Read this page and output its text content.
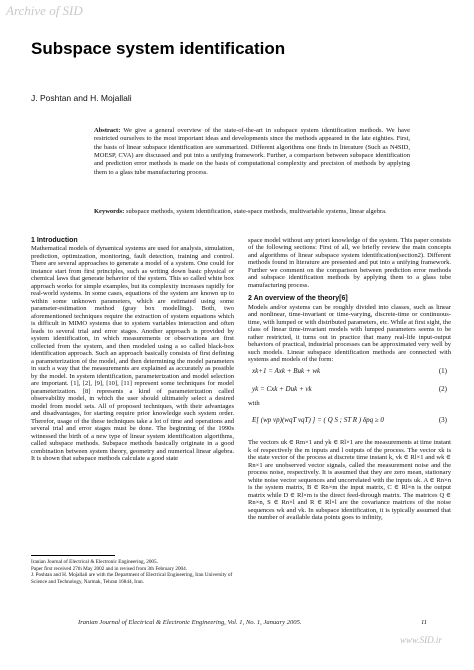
Archive of SID
Subspace system identification
J. Poshtan and H. Mojallali
Abstract: We give a general overview of the state-of-the-art in subspace system identification methods. We have restricted ourselves to the most important ideas and developments since the methods appeared in the late eighties. First, the basis of linear subspace identification are summarized. Different algorithms one finds in literature (Such as N4SID, MOESP, CVA) are discussed and put into a unifying framework. Further, a comparison between subspace identification and prediction error methods is made on the basis of computational complexity and precision of methods by applying them to a glass tube manufacturing process.
Keywords: subspace methods, system identification, state-space methods, multivariable systems, linear algebra.
1 Introduction

Mathematical models of dynamical systems are used for analysis, simulation, prediction, optimization, monitoring, fault detection, training and control. There are several approaches to generate a model of a system. One could for instance start from first principles, such as writing down basic physical or chemical laws that generate behavior of the system. This so called white box approach works for simple examples, but its complexity increases rapidly for real-world systems. In some cases, equations of the system are known up to within some unknown parameters, which are estimated using some parameter-estimation method (gray box modelling). Both, two aforementioned techniques require the extraction of system equations which is difficult in MIMO systems due to system variables interaction and often leads to several trial and error stages. Another approach is provided by system identification, in which measurements or observations are first collected from the system, and then modeled using a so called black-box identification approach. Such an approach basically consists of first defining a parameterization of the model, and then determining the model parameters in such a way that the measurements are explained as accurately as possible by the model. In system identification, parameterization and model selection are important. [1], [2], [9], [10], [11] represent some techniques for model parameterization. [8] represents a kind of parameterization called observability model, in which the user should ultimately select a desired model from model sets. All of proposed techniques, with their advantages and disadvantages, for starting require prior knowledge such system order. Therefor, usage of the these techniques take a lot of time and operations and several trial and error stages must be done. The beginning of the 1990s witnessed the birth of a new type of linear system identification algorithms, called subspace methods. Subspace methods basically originate in a good combination between system theory, geometry and numerical linear algebra. It is shown that subspace methods calculate a good state

Iranian Journal of Electrical & Electronic Engineering, 2005.
Paper first received 27th May 2002 and in revised from 3th February 2004.
J. Poshtan and H. Mojallali are with the Department of Electrical Engineering, Iran University of Science and Technology, Narmak, Tehran 16844, Iran.

space model without any priori knowledge of the system. This paper consists of the following sections: First of all, we briefly review the main concepts and algorithms of linear subspace system identification(section2). Different methods found in literature are presented and put into a unifying framework. Further we comment on the comparison between prediction error methods and subspace identification methods by applying them to a glass tube manufacturing process.

2 An overview of the theory[6]

Models and/or systems can be roughly divided into classes, such as linear and nonlinear, time-invariant or time-varying, discrete-time or continuous-time, with lumped or with distributed parameters, etc. While at first sight, the class of linear time-invariant models with lumped parameters seems to be rather restricted, it turns out in practice that many real-life input-output behaviors of practical, industrial processes can be approximated very well by such models. Linear subspace identification methods are connected with systems and models of the form:

xk+1 = Axk + Buk + wk	(1)
yk = Cxk + Duk + vk	(2)
with
E[ (wp vp)(wqT vqT) ] = ( Q S ; ST R ) δpq ≥ 0	(3)

The vectors uk ∈ Rm×1 and yk ∈ Rl×1 are the measurements at time instant k of respectively the m inputs and l outputs of the process. The vector xk is the state vector of the process at discrete time instant k, vk ∈ Rl×1 and wk ∈ Rn×1 are unobserved vector signals, called the measurement noise and the process noise, respectively. It is assumed that they are zero mean, stationary white noise vector sequences and uncorrelated with the inputs uk. A ∈ Rn×n is the system matrix, B ∈ Rn×m the input matrix, C ∈ Rl×n is the output matrix while D ∈ Rl×m is the direct feed-through matrix. The matrices Q ∈ Rn×n, S ∈ Rn×l and R ∈ Rl×l are the covariance matrices of the noise sequences wk and vk. In subspace identification, it is typically assumed that the number of available data points goes to infinity,

Iranian Journal of Electrical & Electronic Engineering, Vol. 1, No. 1, January 2005.	11
www.SID.ir
